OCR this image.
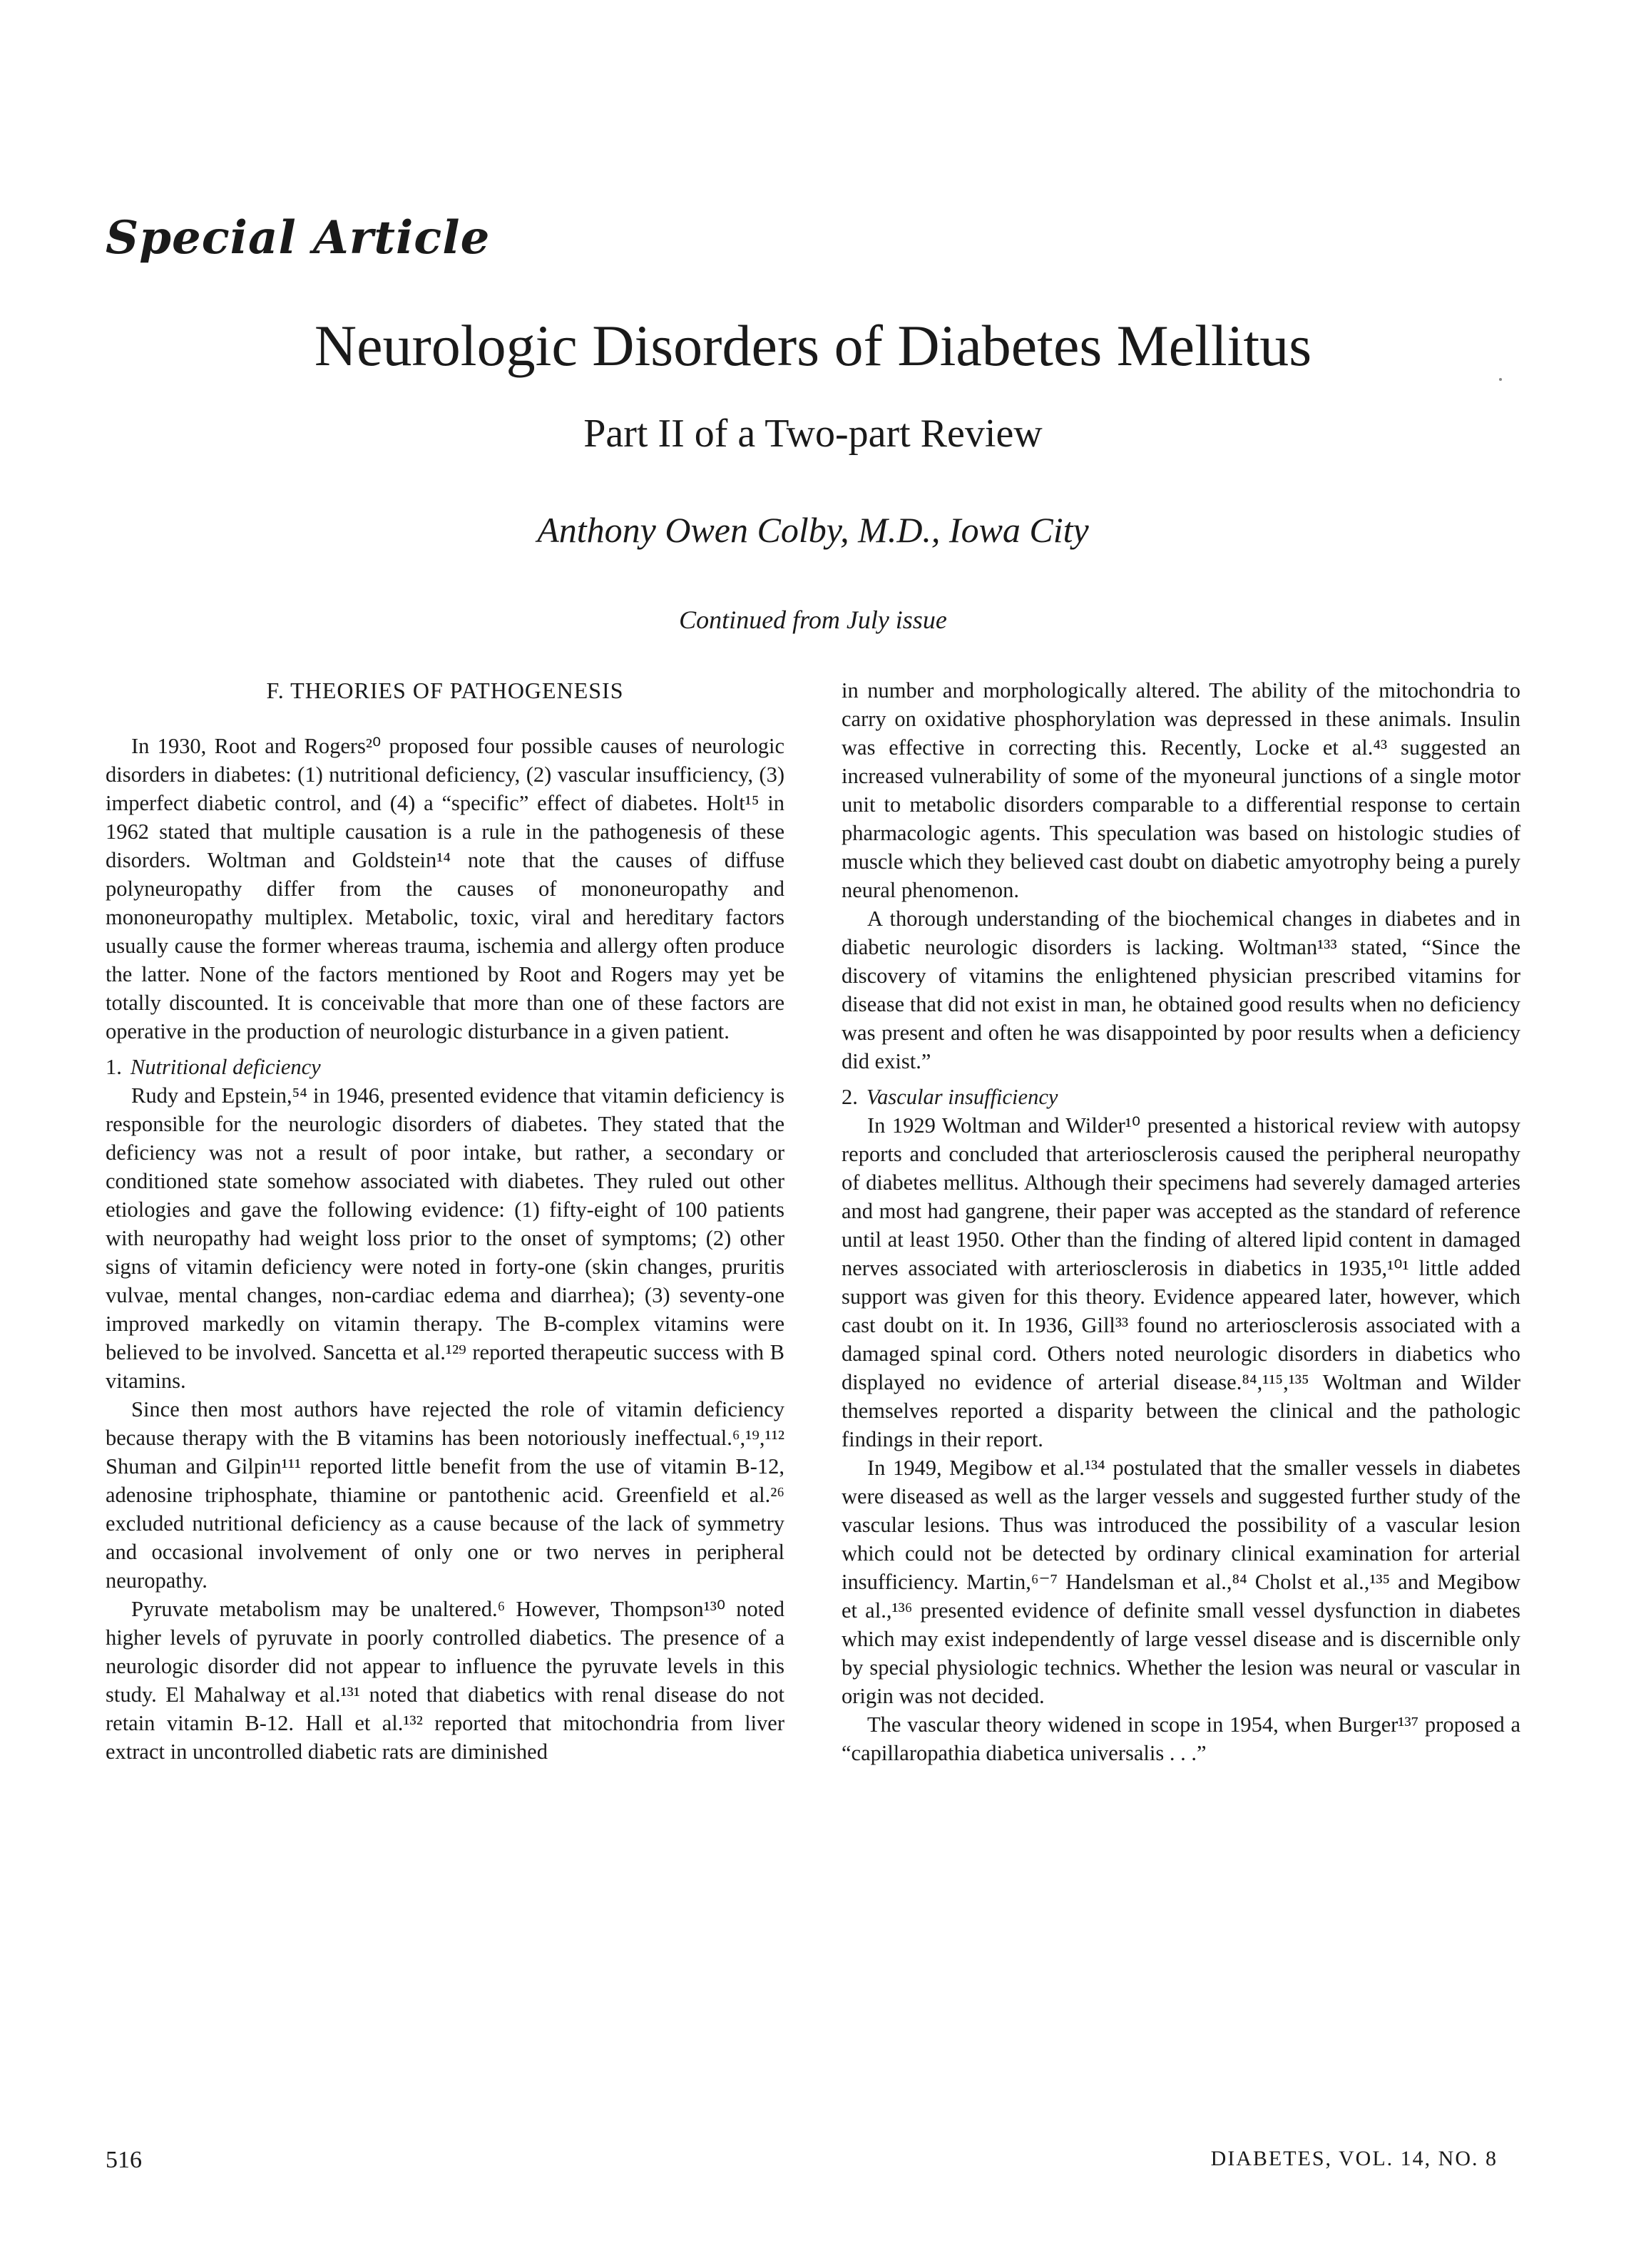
Special Article
Neurologic Disorders of Diabetes Mellitus
Part II of a Two-part Review
Anthony Owen Colby, M.D., Iowa City
Continued from July issue

F. THEORIES OF PATHOGENESIS

In 1930, Root and Rogers²⁰ proposed four possible causes of neurologic disorders in diabetes: (1) nutritional deficiency, (2) vascular insufficiency, (3) imperfect diabetic control, and (4) a “specific” effect of diabetes. Holt¹⁵ in 1962 stated that multiple causation is a rule in the pathogenesis of these disorders. Woltman and Goldstein¹⁴ note that the causes of diffuse polyneuropathy differ from the causes of mononeuropathy and mononeuropathy multiplex. Metabolic, toxic, viral and hereditary factors usually cause the former whereas trauma, ischemia and allergy often produce the latter. None of the factors mentioned by Root and Rogers may yet be totally discounted. It is conceivable that more than one of these factors are operative in the production of neurologic disturbance in a given patient.

1. Nutritional deficiency

Rudy and Epstein,⁵⁴ in 1946, presented evidence that vitamin deficiency is responsible for the neurologic disorders of diabetes. They stated that the deficiency was not a result of poor intake, but rather, a secondary or conditioned state somehow associated with diabetes. They ruled out other etiologies and gave the following evidence: (1) fifty-eight of 100 patients with neuropathy had weight loss prior to the onset of symptoms; (2) other signs of vitamin deficiency were noted in forty-one (skin changes, pruritis vulvae, mental changes, non-cardiac edema and diarrhea); (3) seventy-one improved markedly on vitamin therapy. The B-complex vitamins were believed to be involved. Sancetta et al.¹²⁹ reported therapeutic success with B vitamins.

Since then most authors have rejected the role of vitamin deficiency because therapy with the B vitamins has been notoriously ineffectual.⁶,¹⁹,¹¹² Shuman and Gilpin¹¹¹ reported little benefit from the use of vitamin B-12, adenosine triphosphate, thiamine or pantothenic acid. Greenfield et al.²⁶ excluded nutritional deficiency as a cause because of the lack of symmetry and occasional involvement of only one or two nerves in peripheral neuropathy.

Pyruvate metabolism may be unaltered.⁶ However, Thompson¹³⁰ noted higher levels of pyruvate in poorly controlled diabetics. The presence of a neurologic disorder did not appear to influence the pyruvate levels in this study. El Mahalway et al.¹³¹ noted that diabetics with renal disease do not retain vitamin B-12. Hall et al.¹³² reported that mitochondria from liver extract in uncontrolled diabetic rats are diminished

in number and morphologically altered. The ability of the mitochondria to carry on oxidative phosphorylation was depressed in these animals. Insulin was effective in correcting this. Recently, Locke et al.⁴³ suggested an increased vulnerability of some of the myoneural junctions of a single motor unit to metabolic disorders comparable to a differential response to certain pharmacologic agents. This speculation was based on histologic studies of muscle which they believed cast doubt on diabetic amyotrophy being a purely neural phenomenon.

A thorough understanding of the biochemical changes in diabetes and in diabetic neurologic disorders is lacking. Woltman¹³³ stated, “Since the discovery of vitamins the enlightened physician prescribed vitamins for disease that did not exist in man, he obtained good results when no deficiency was present and often he was disappointed by poor results when a deficiency did exist.”

2. Vascular insufficiency

In 1929 Woltman and Wilder¹⁰ presented a historical review with autopsy reports and concluded that arteriosclerosis caused the peripheral neuropathy of diabetes mellitus. Although their specimens had severely damaged arteries and most had gangrene, their paper was accepted as the standard of reference until at least 1950. Other than the finding of altered lipid content in damaged nerves associated with arteriosclerosis in diabetics in 1935,¹⁰¹ little added support was given for this theory. Evidence appeared later, however, which cast doubt on it. In 1936, Gill³³ found no arteriosclerosis associated with a damaged spinal cord. Others noted neurologic disorders in diabetics who displayed no evidence of arterial disease.⁸⁴,¹¹⁵,¹³⁵ Woltman and Wilder themselves reported a disparity between the clinical and the pathologic findings in their report.

In 1949, Megibow et al.¹³⁴ postulated that the smaller vessels in diabetes were diseased as well as the larger vessels and suggested further study of the vascular lesions. Thus was introduced the possibility of a vascular lesion which could not be detected by ordinary clinical examination for arterial insufficiency. Martin,⁶⁻⁷ Handelsman et al.,⁸⁴ Cholst et al.,¹³⁵ and Megibow et al.,¹³⁶ presented evidence of definite small vessel dysfunction in diabetes which may exist independently of large vessel disease and is discernible only by special physiologic technics. Whether the lesion was neural or vascular in origin was not decided.

The vascular theory widened in scope in 1954, when Burger¹³⁷ proposed a “capillaropathia diabetica universalis . . .”

516	DIABETES, VOL. 14, NO. 8
